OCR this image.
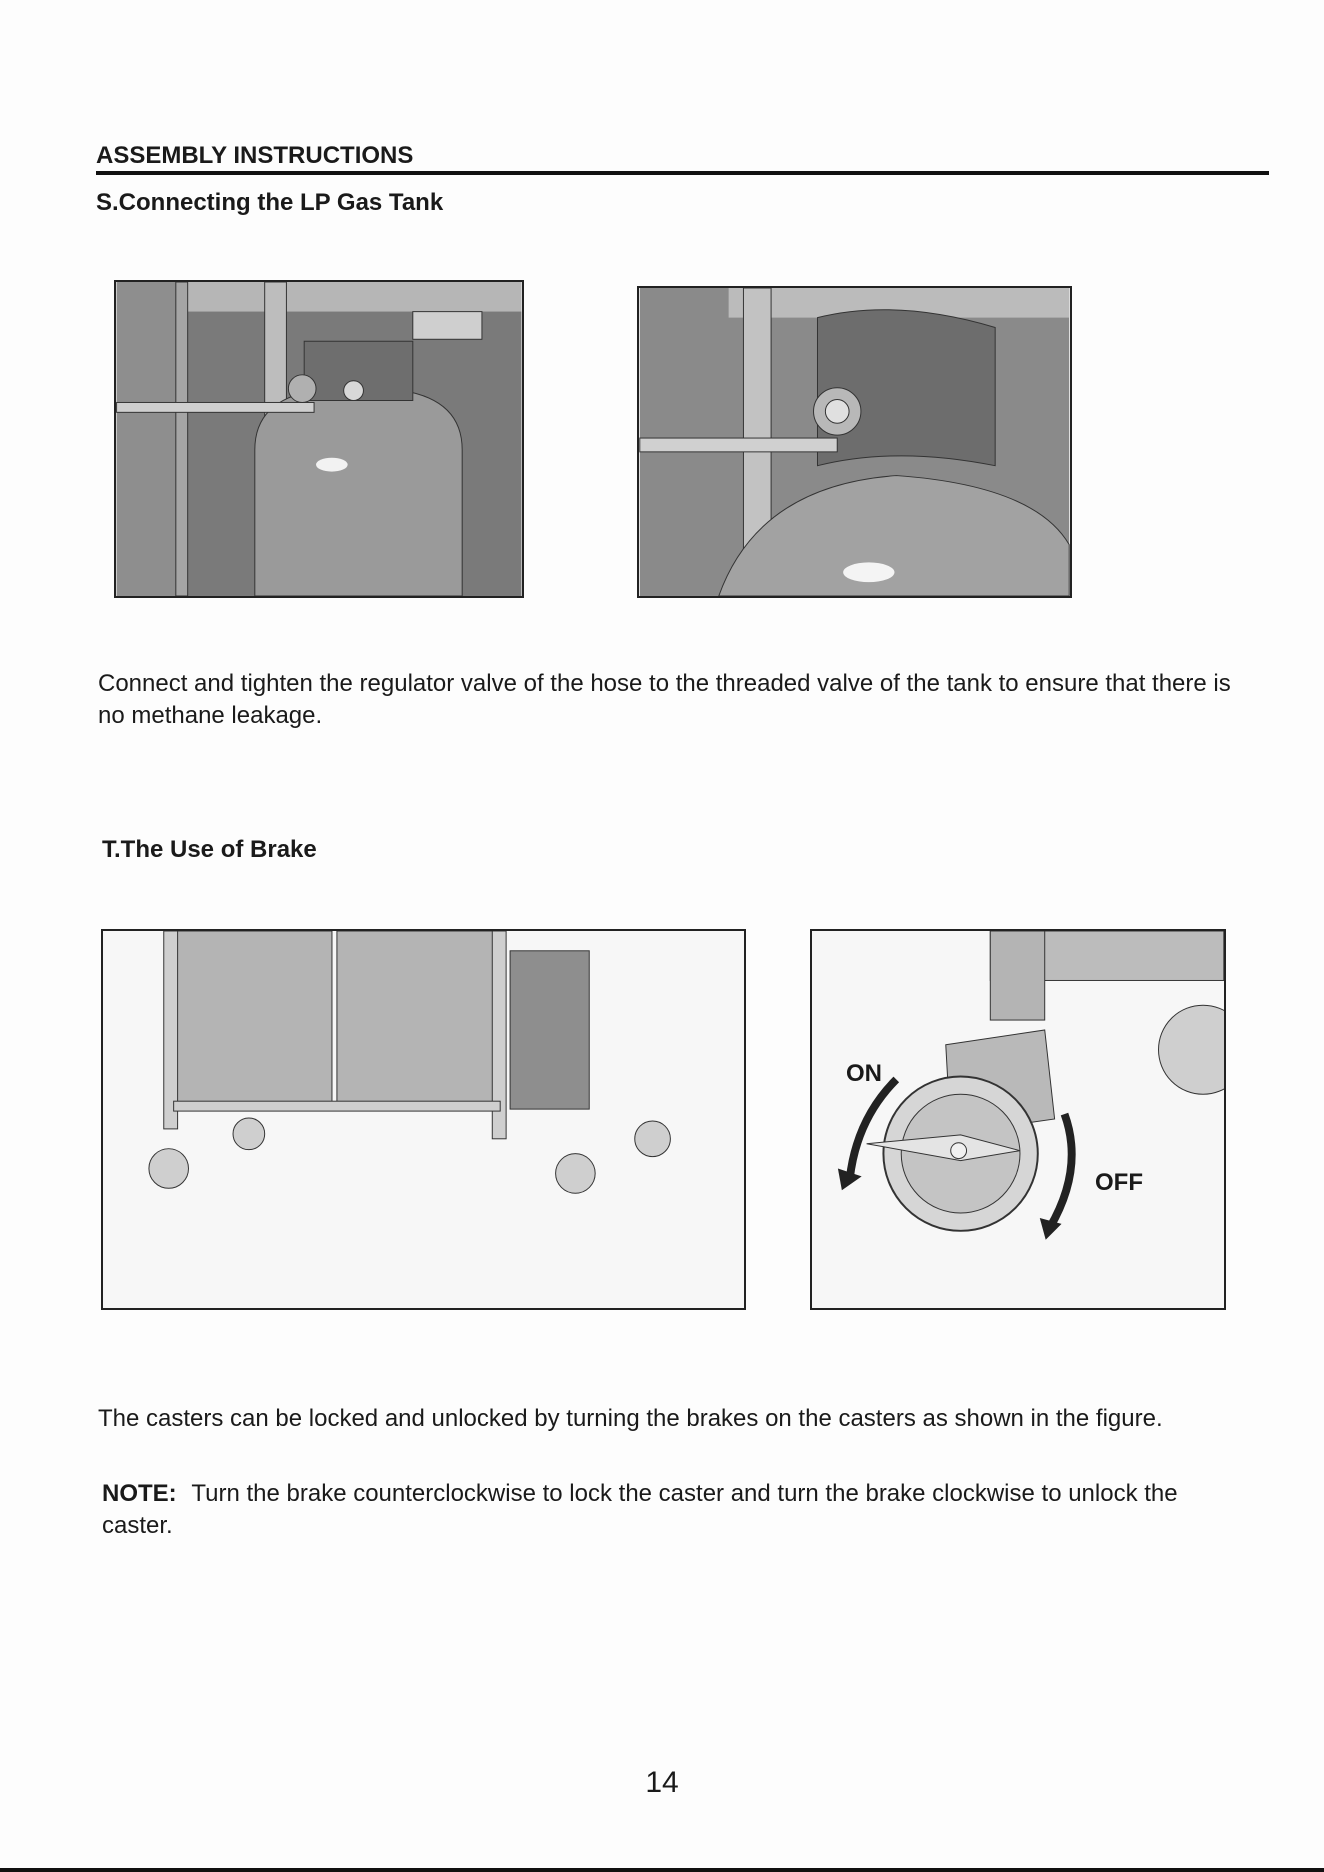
ASSEMBLY INSTRUCTIONS
S.Connecting the LP Gas Tank
Connect and tighten the regulator valve of the hose to the threaded valve of the tank to ensure that there is no methane leakage.
T.The Use of Brake
ON
OFF
The casters can be locked and unlocked by turning the brakes on the casters as shown in the figure.
NOTE: Turn the brake counterclockwise to lock the caster and turn the brake clockwise to unlock the caster.
14
